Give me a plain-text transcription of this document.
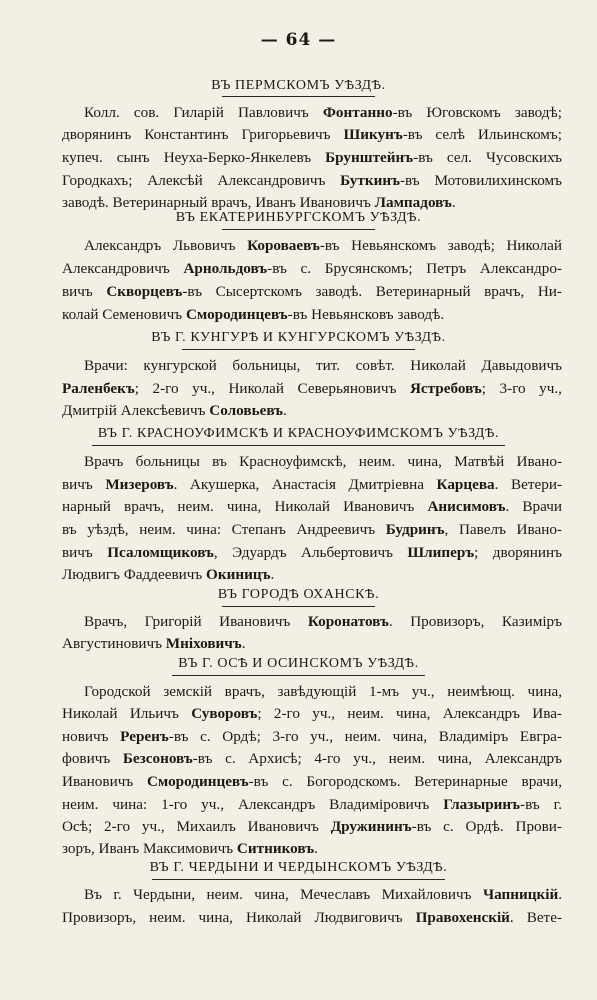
— 64 —
ВЪ ПЕРМСКОМЪ УѢЗДѢ.
Колл. сов. Гиларій Павловичъ Фонтанно-въ Юговскомъ заводѣ;
дворянинъ Константинъ Григорьевичъ Шикунъ-въ селѣ Ильинскомъ;
купеч. сынъ Неуха-Берко-Янкелевъ Брунштейнъ-въ сел. Чусовскихъ
Городкахъ; Алексѣй Александровичъ Буткинъ-въ Мотовилихинскомъ
заводѣ. Ветеринарный врачъ, Иванъ Ивановичъ Лампадовъ.
ВЪ ЕКАТЕРИНБУРГСКОМЪ УѢЗДѢ.
Александръ Львовичъ Короваевъ-въ Невьянскомъ заводѣ; Николай
Александровичъ Арнольдовъ-въ с. Брусянскомъ; Петръ Александро-
вичъ Скворцевъ-въ Сысертскомъ заводѣ. Ветеринарный врачъ, Ни-
колай Семеновичъ Смородинцевъ-въ Невьянсковъ заводѣ.
ВЪ Г. КУНГУРѢ И КУНГУРСКОМЪ УѢЗДѢ.
Врачи: кунгурской больницы, тит. совѣт. Николай Давыдовичъ
Раленбекъ; 2-го уч., Николай Северьяновичъ Ястребовъ; 3-го уч.,
Дмитрій Алексѣевичъ Соловьевъ.
ВЪ Г. КРАСНОУФИМСКѢ И КРАСНОУФИМСКОМЪ УѢЗДѢ.
Врачъ больницы въ Красноуфимскѣ, неим. чина, Матвѣй Ивано-
вичъ Мизеровъ. Акушерка, Анастасія Дмитріевна Карцева. Ветери-
нарный врачъ, неим. чина, Николай Ивановичъ Анисимовъ. Врачи
въ уѣздѣ, неим. чина: Степанъ Андреевичъ Будринъ, Павелъ Ивано-
вичъ Псаломщиковъ, Эдуардъ Альбертовичъ Шлиперъ; дворянинъ
Людвигъ Фаддеевичъ Окиницъ.
ВЪ ГОРОДѢ ОХАНСКѢ.
Врачъ, Григорій Ивановичъ Коронатовъ. Провизоръ, Казиміръ
Августиновичъ Мнiховичъ.
ВЪ Г. ОСѢ И ОСИНСКОМЪ УѢЗДѢ.
Городской земскій врачъ, завѣдующій 1-мъ уч., неимѣющ. чина,
Николай Ильичъ Суворовъ; 2-го уч., неим. чина, Александръ Ива-
новичъ Реренъ-въ с. Ордѣ; 3-го уч., неим. чина, Владиміръ Евгра-
фовичъ Безсоновъ-въ с. Архисѣ; 4-го уч., неим. чина, Александръ
Ивановичъ Смородинцевъ-въ с. Богородскомъ. Ветеринарные врачи,
неим. чина: 1-го уч., Александръ Владиміровичъ Глазыринъ-въ г.
Осѣ; 2-го уч., Михаилъ Ивановичъ Дружининъ-въ с. Ордѣ. Прови-
зоръ, Иванъ Максимовичъ Ситниковъ.
ВЪ Г. ЧЕРДЫНИ И ЧЕРДЫНСКОМЪ УѢЗДѢ.
Въ г. Чердыни, неим. чина, Мечеславъ Михайловичъ Чапницкій.
Провизоръ, неим. чина, Николай Людвиговичъ Правохенскій. Вете-
